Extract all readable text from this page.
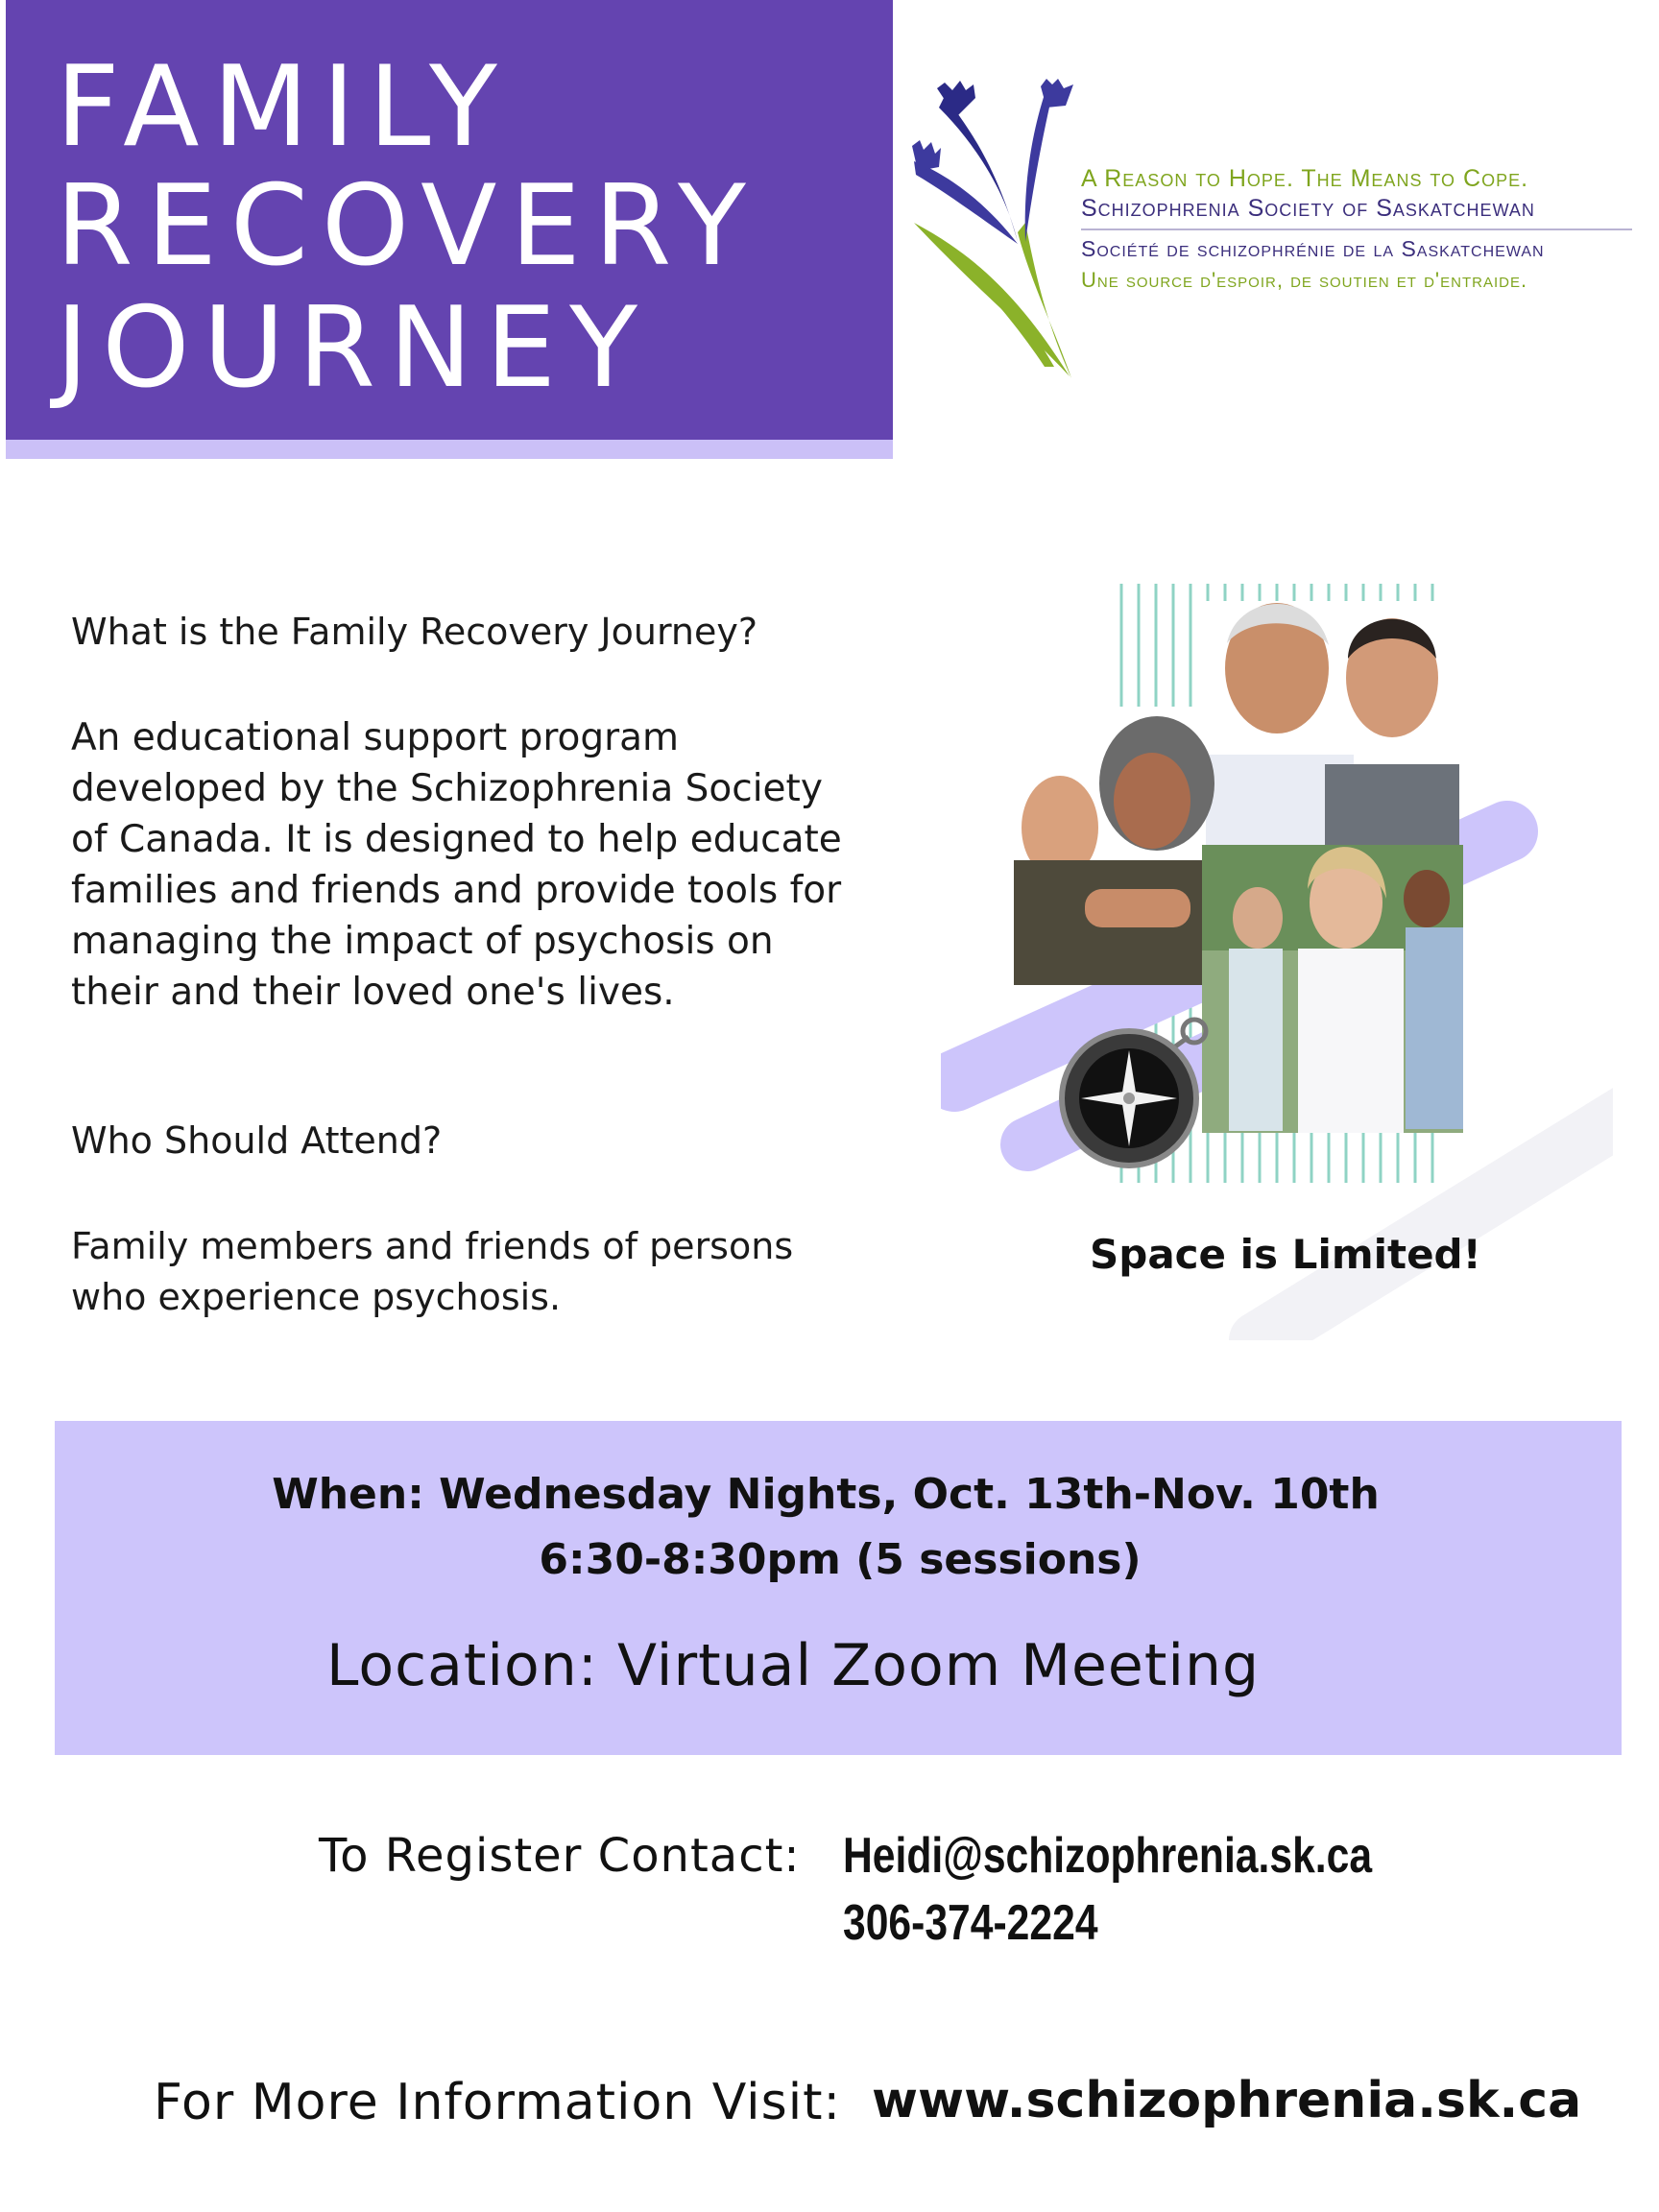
FAMILY
RECOVERY
JOURNEY
A Reason to Hope. The Means to Cope.
Schizophrenia Society of Saskatchewan
Société de schizophrénie de la Saskatchewan
Une source d'espoir, de soutien et d'entraide.
What is the Family Recovery Journey?
An educational support program
developed by the Schizophrenia Society
of Canada. It is designed to help educate
families and friends and provide tools for
managing the impact of psychosis on
their and their loved one's lives.
Who Should Attend?
Family members and friends of persons
who experience psychosis.
Space is Limited!
When: Wednesday Nights, Oct. 13th-Nov. 10th
6:30-8:30pm (5 sessions)
Location: Virtual Zoom Meeting
To Register Contact: Heidi@schizophrenia.sk.ca
306-374-2224
For More Information Visit: www.schizophrenia.sk.ca
